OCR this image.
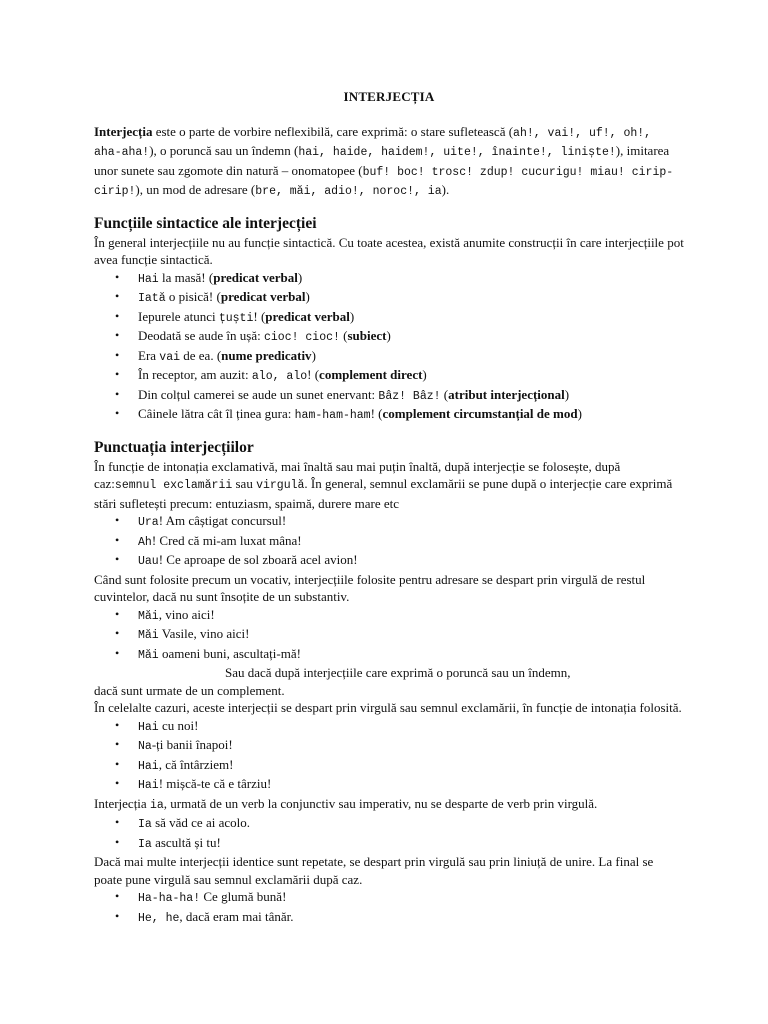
INTERJECȚIA

Interjecția este o parte de vorbire neflexibilă, care exprimă: o stare sufletească (ah!, vai!, uf!, oh!, aha-aha!), o poruncă sau un îndemn (hai, haide, haidem!, uite!, înainte!, liniște!), imitarea unor sunete sau zgomote din natură – onomatopee (buf! boc! trosc! zdup! cucurigu! miau! cirip-cirip!), un mod de adresare (bre, măi, adio!, noroc!, ia).

Funcțiile sintactice ale interjecției

În general interjecțiile nu au funcție sintactică. Cu toate acestea, există anumite construcții în care interjecțiile pot avea funcție sintactică.

• Hai la masă! (predicat verbal)
• Iată o pisică! (predicat verbal)
• Iepurele atunci țuști! (predicat verbal)
• Deodată se aude în ușă: cioc! cioc! (subiect)
• Era vai de ea. (nume predicativ)
• În receptor, am auzit: alo, alo! (complement direct)
• Din colțul camerei se aude un sunet enervant: Bâz! Bâz! (atribut interjecțional)
• Câinele lătra cât îl ținea gura: ham-ham-ham! (complement circumstanțial de mod)
Punctuația interjecțiilor

În funcție de intonația exclamativă, mai înaltă sau mai puțin înaltă, după interjecție se folosește, după caz:semnul exclamării sau virgulă. În general, semnul exclamării se pune după o interjecție care exprimă stări sufletești precum: entuziasm, spaimă, durere mare etc

• Ura! Am câștigat concursul!
• Ah! Cred că mi-am luxat mâna!
• Uau! Ce aproape de sol zboară acel avion!

Când sunt folosite precum un vocativ, interjecțiile folosite pentru adresare se despart prin virgulă de restul cuvintelor, dacă nu sunt însoțite de un substantiv.

• Măi, vino aici!
• Măi Vasile, vino aici!
• Măi oameni buni, ascultați-mă!

Sau dacă după interjecțiile care exprimă o poruncă sau un îndemn,

dacă sunt urmate de un complement.

În celelalte cazuri, aceste interjecții se despart prin virgulă sau semnul exclamării, în funcție de intonația folosită.

• Hai cu noi!
• Na-ți banii înapoi!
• Hai, că întârziem!
• Hai! mișcă-te că e târziu!

Interjecția ia, urmată de un verb la conjunctiv sau imperativ, nu se desparte de verb prin virgulă.

• Ia să văd ce ai acolo.
• Ia ascultă și tu!

Dacă mai multe interjecții identice sunt repetate, se despart prin virgulă sau prin liniuță de unire. La final se poate pune virgulă sau semnul exclamării după caz.

• Ha-ha-ha! Ce glumă bună!
• He, he, dacă eram mai tânăr.
